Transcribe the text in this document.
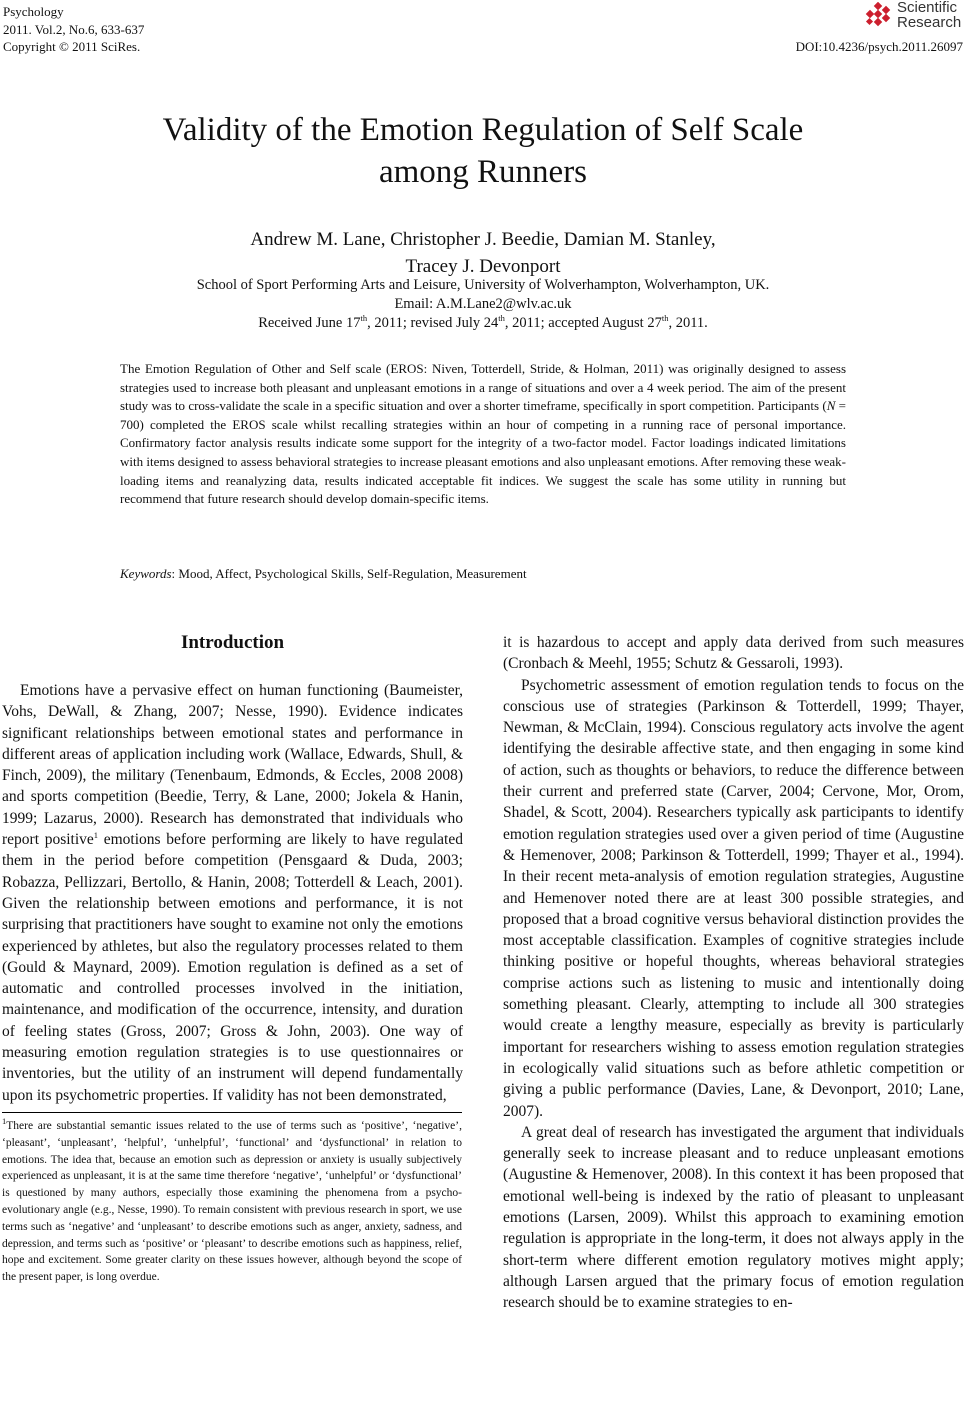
Psychology
2011. Vol.2, No.6, 633-637
Copyright © 2011 SciRes.
Scientific
Research
DOI:10.4236/psych.2011.26097
Validity of the Emotion Regulation of Self Scale
among Runners
Andrew M. Lane, Christopher J. Beedie, Damian M. Stanley,
Tracey J. Devonport
School of Sport Performing Arts and Leisure, University of Wolverhampton, Wolverhampton, UK.
Email: A.M.Lane2@wlv.ac.uk
Received June 17th, 2011; revised July 24th, 2011; accepted August 27th, 2011.
The Emotion Regulation of Other and Self scale (EROS: Niven, Totterdell, Stride, & Holman, 2011) was originally designed to assess strategies used to increase both pleasant and unpleasant emotions in a range of situations and over a 4 week period. The aim of the present study was to cross-validate the scale in a specific situation and over a shorter timeframe, specifically in sport competition. Participants (N = 700) completed the EROS scale whilst recalling strategies within an hour of competing in a running race of personal importance. Confirmatory factor analysis results indicate some support for the integrity of a two-factor model. Factor loadings indicated limitations with items designed to assess behavioral strategies to increase pleasant emotions and also unpleasant emotions. After removing these weak-loading items and reanalyzing data, results indicated acceptable fit indices. We suggest the scale has some utility in running but recommend that future research should develop domain-specific items.
Keywords: Mood, Affect, Psychological Skills, Self-Regulation, Measurement
Introduction

Emotions have a pervasive effect on human functioning (Baumeister, Vohs, DeWall, & Zhang, 2007; Nesse, 1990). Evidence indicates significant relationships between emotional states and performance in different areas of application including work (Wallace, Edwards, Shull, & Finch, 2009), the military (Tenenbaum, Edmonds, & Eccles, 2008 2008) and sports competition (Beedie, Terry, & Lane, 2000; Jokela & Hanin, 1999; Lazarus, 2000). Research has demonstrated that individuals who report positive$^1$ emotions before performing are likely to have regulated them in the period before competition (Pensgaard & Duda, 2003; Robazza, Pellizzari, Bertollo, & Hanin, 2008; Totterdell & Leach, 2001). Given the relationship between emotions and performance, it is not surprising that practitioners have sought to examine not only the emotions experienced by athletes, but also the regulatory processes related to them (Gould & Maynard, 2009). Emotion regulation is defined as a set of automatic and controlled processes involved in the initiation, maintenance, and modification of the occurrence, intensity, and duration of feeling states (Gross, 2007; Gross & John, 2003). One way of measuring emotion regulation strategies is to use questionnaires or inventories, but the utility of an instrument will depend fundamentally upon its psychometric properties. If validity has not been demonstrated,

$^1$There are substantial semantic issues related to the use of terms such as ‘positive’, ‘negative’, ‘pleasant’, ‘unpleasant’, ‘helpful’, ‘unhelpful’, ‘functional’ and ‘dysfunctional’ in relation to emotions. The idea that, because an emotion such as depression or anxiety is usually subjectively experienced as unpleasant, it is at the same time therefore ‘negative’, ‘unhelpful’ or ‘dysfunctional’ is questioned by many authors, especially those examining the phenomena from a psycho-evolutionary angle (e.g., Nesse, 1990). To remain consistent with previous research in sport, we use terms such as ‘negative’ and ‘unpleasant’ to describe emotions such as anger, anxiety, sadness, and depression, and terms such as ‘positive’ or ‘pleasant’ to describe emotions such as happiness, relief, hope and excitement. Some greater clarity on these issues however, although beyond the scope of the present paper, is long overdue.

it is hazardous to accept and apply data derived from such measures (Cronbach & Meehl, 1955; Schutz & Gessaroli, 1993).

Psychometric assessment of emotion regulation tends to focus on the conscious use of strategies (Parkinson & Totterdell, 1999; Thayer, Newman, & McClain, 1994). Conscious regulatory acts involve the agent identifying the desirable affective state, and then engaging in some kind of action, such as thoughts or behaviors, to reduce the difference between their current and preferred state (Carver, 2004; Cervone, Mor, Orom, Shadel, & Scott, 2004). Researchers typically ask participants to identify emotion regulation strategies used over a given period of time (Augustine & Hemenover, 2008; Parkinson & Totterdell, 1999; Thayer et al., 1994). In their recent meta-analysis of emotion regulation strategies, Augustine and Hemenover noted there are at least 300 possible strategies, and proposed that a broad cognitive versus behavioral distinction provides the most acceptable classification. Examples of cognitive strategies include thinking positive or hopeful thoughts, whereas behavioral strategies comprise actions such as listening to music and intentionally doing something pleasant. Clearly, attempting to include all 300 strategies would create a lengthy measure, especially as brevity is particularly important for researchers wishing to assess emotion regulation strategies in ecologically valid situations such as before athletic competition or giving a public performance (Davies, Lane, & Devonport, 2010; Lane, 2007).

A great deal of research has investigated the argument that individuals generally seek to increase pleasant and to reduce unpleasant emotions (Augustine & Hemenover, 2008). In this context it has been proposed that emotional well-being is indexed by the ratio of pleasant to unpleasant emotions (Larsen, 2009). Whilst this approach to examining emotion regulation is appropriate in the long-term, it does not always apply in the short-term where different emotion regulatory motives might apply; although Larsen argued that the primary focus of emotion regulation research should be to examine strategies to en-
